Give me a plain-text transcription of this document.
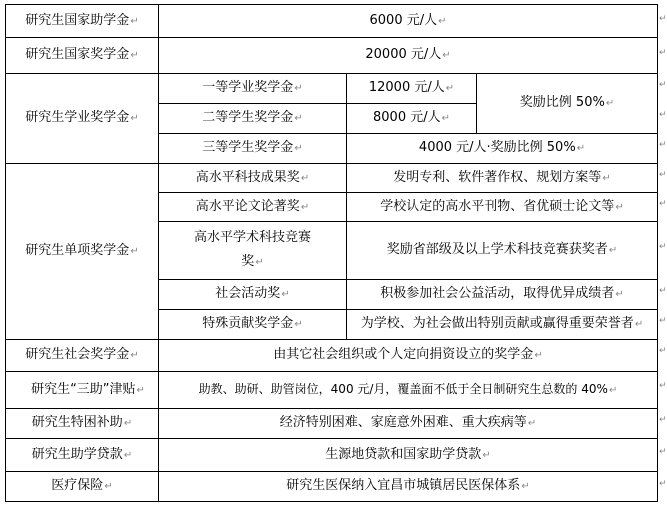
研究生国家助学金↵	6000 元/人↵		
研究生国家奖学金↵	20000 元/人↵		
研究生学业奖学金↵	一等学业奖学金↵	12000 元/人↵	奖励比例 50%↵
	二等学生奖学金↵	8000 元/人↵	
	三等学生奖学金↵	4000 元/人·奖励比例 50%↵	
研究生单项奖学金↵	高水平科技成果奖↵	发明专利、软件著作权、规划方案等↵	
	高水平论文论著奖↵	学校认定的高水平刊物、省优硕士论文等↵	
	高水平学术科技竞赛
奖↵	奖励省部级及以上学术科技竞赛获奖者↵	
	社会活动奖↵	积极参加社会公益活动，取得优异成绩者↵	
	特殊贡献奖学金↵	为学校、为社会做出特别贡献或赢得重要荣誉者↵	
研究生社会奖学金↵	由其它社会组织或个人定向捐资设立的奖学金↵		
研究生“三助”津贴↵	助教、助研、助管岗位，400 元/月，覆盖面不低于全日制研究生总数的 40%↵		
研究生特困补助↵	经济特别困难、家庭意外困难、重大疾病等↵		
研究生助学贷款↵	生源地贷款和国家助学贷款↵		
医疗保险↵	研究生医保纳入宜昌市城镇居民医保体系↵		
↵
↵
↵
↵
↵
↵
↵
↵
↵
↵
↵
↵
↵
↵
↵
